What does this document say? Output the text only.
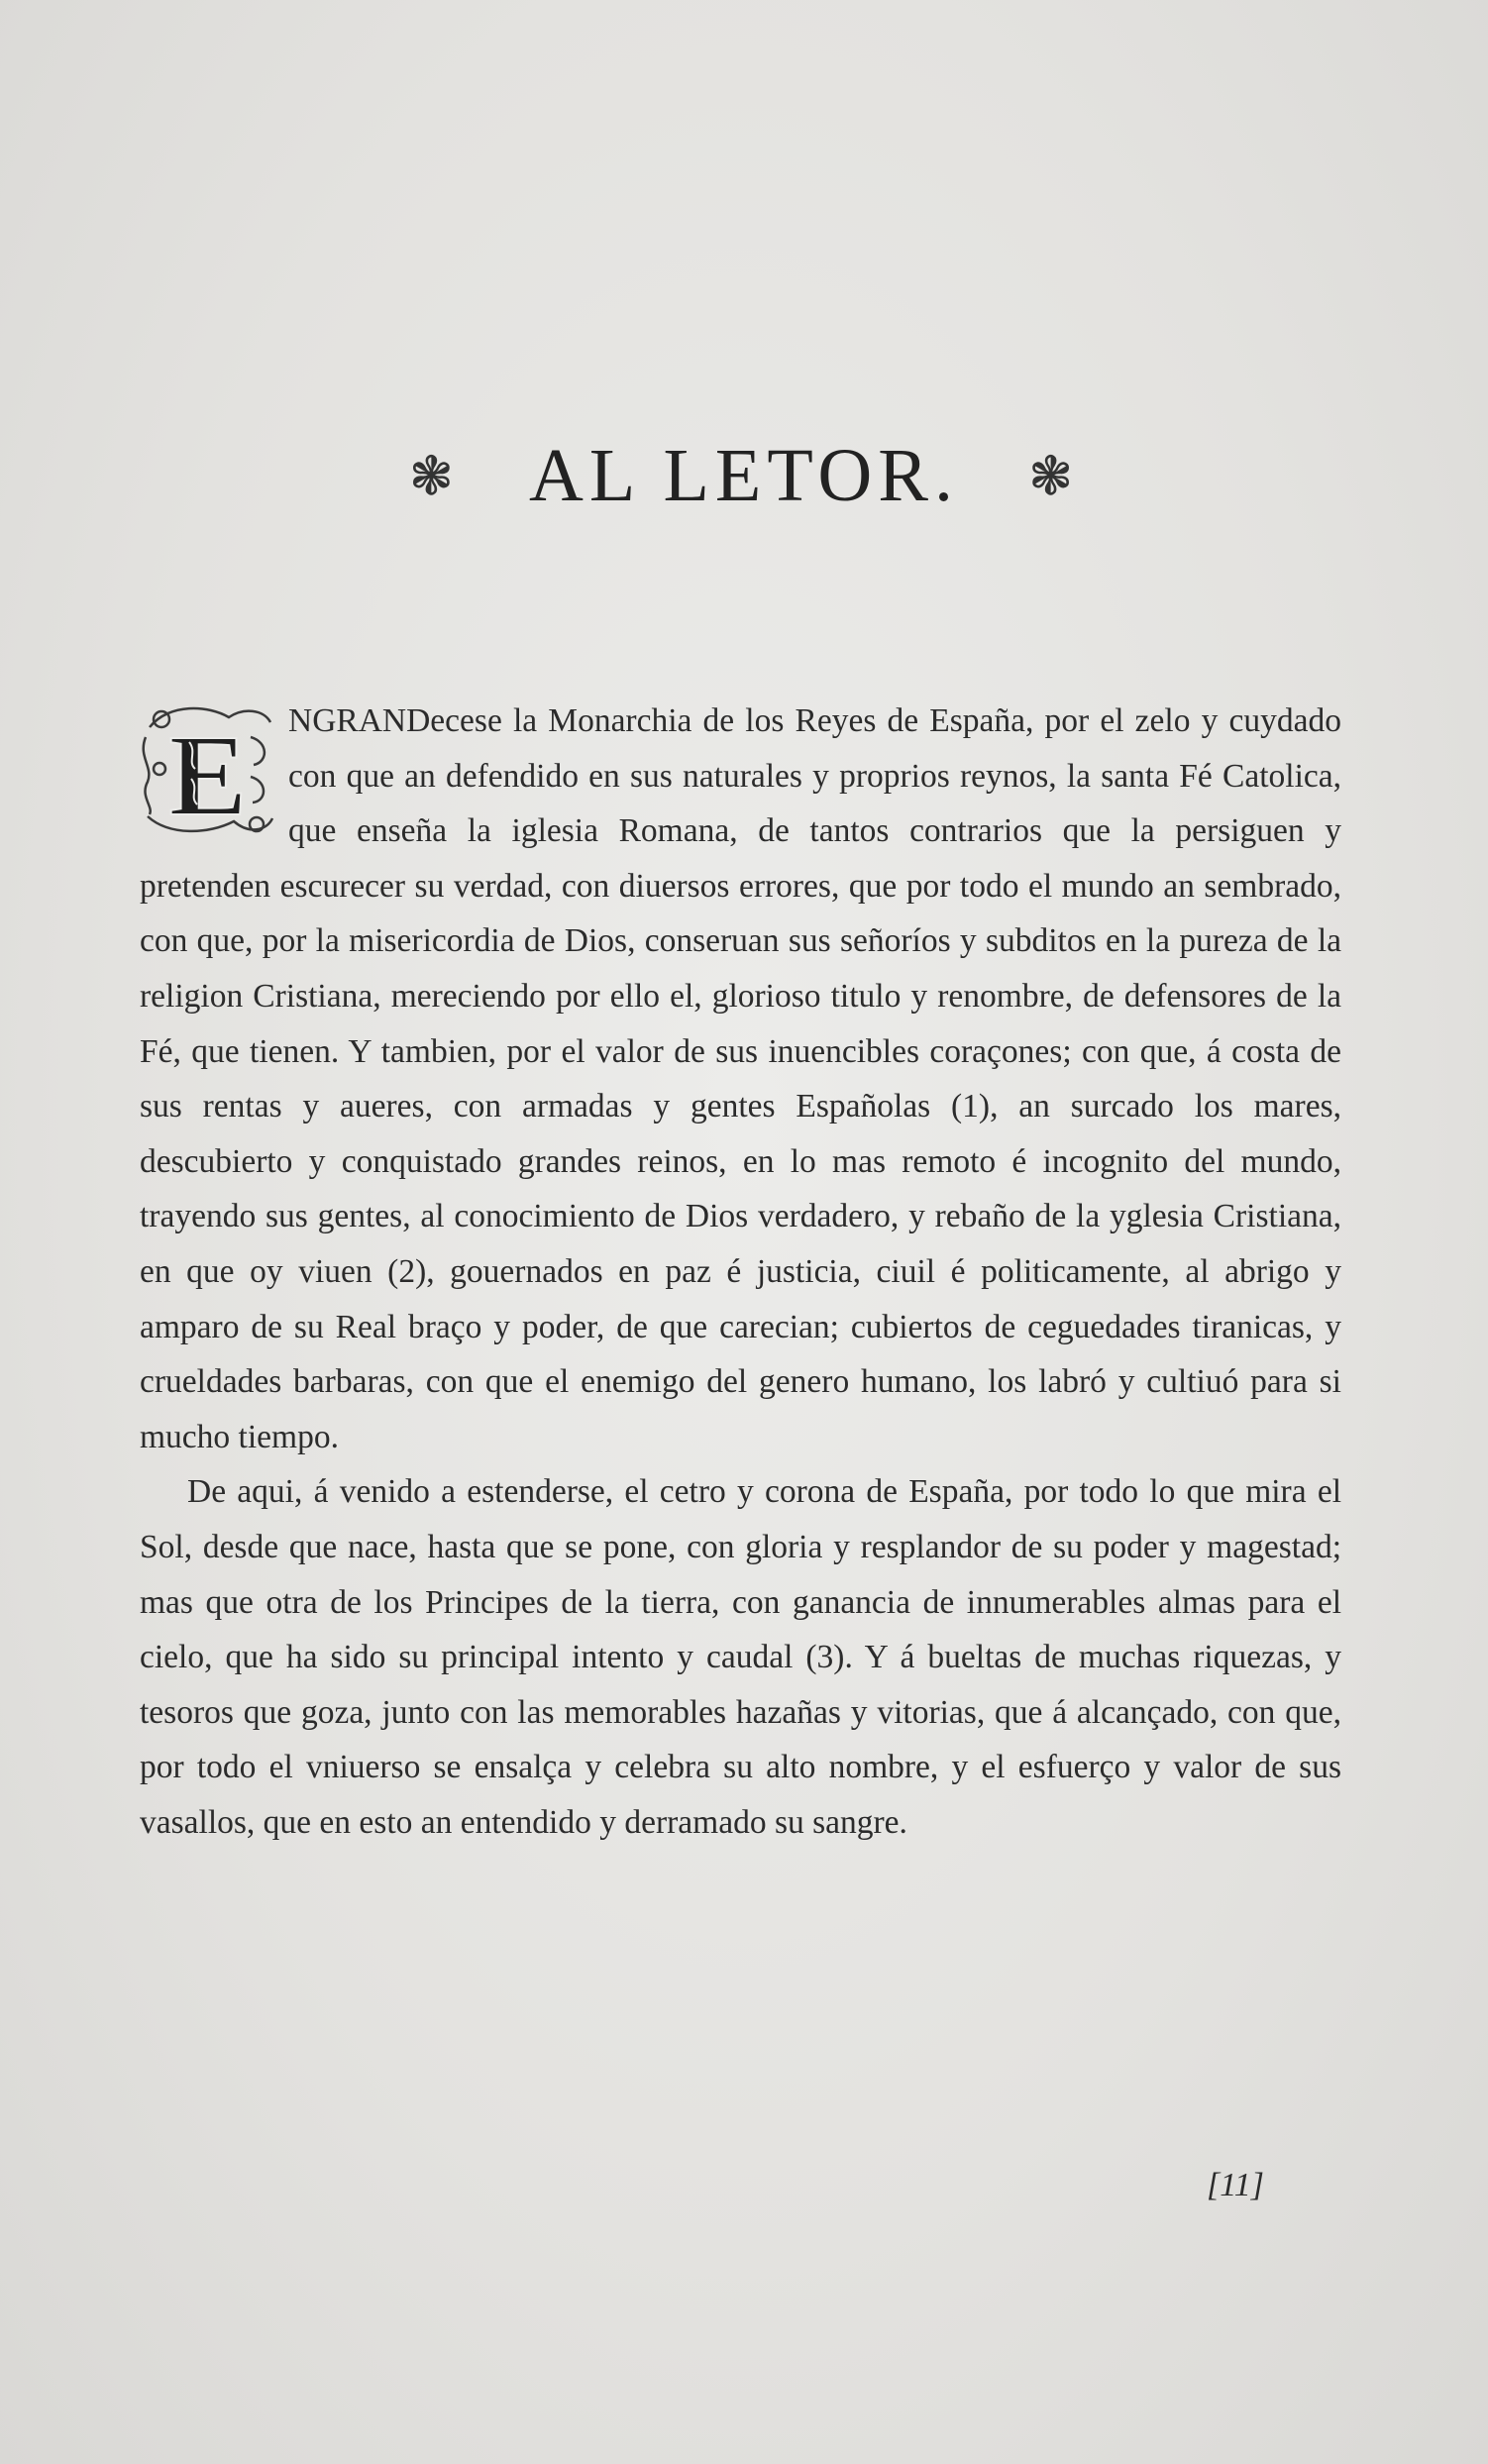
❃ AL LETOR. ❃
E	NGRANDecese la Monarchia de los Reyes de España, por el zelo y cuydado con que an defendido en sus naturales y proprios reynos, la santa Fé Catolica, que enseña la iglesia Romana, de tantos contrarios que la persiguen y pretenden escurecer su verdad, con diuersos errores, que por todo el mundo an sembrado, con que, por la misericordia de Dios, conseruan sus señoríos y subditos en la pureza de la religion Cristiana, mereciendo por ello el, glorioso titulo y renombre, de defensores de la Fé, que tienen. Y tambien, por el valor de sus inuencibles coraçones; con que, á costa de sus rentas y aueres, con armadas y gentes Españolas (1), an surcado los mares, descubierto y conquistado grandes reinos, en lo mas remoto é incognito del mundo, trayendo sus gentes, al conocimiento de Dios verdadero, y rebaño de la yglesia Cristiana, en que oy viuen (2), gouernados en paz é justicia, ciuil é politicamente, al abrigo y amparo de su Real braço y poder, de que carecian; cubiertos de ceguedades tiranicas, y crueldades barbaras, con que el enemigo del genero humano, los labró y cultiuó para si mucho tiempo.

De aqui, á venido a estenderse, el cetro y corona de España, por todo lo que mira el Sol, desde que nace, hasta que se pone, con gloria y resplandor de su poder y magestad; mas que otra de los Principes de la tierra, con ganancia de innumerables almas para el cielo, que ha sido su principal intento y caudal (3). Y á bueltas de muchas riquezas, y tesoros que goza, junto con las memorables hazañas y vitorias, que á alcançado, con que, por todo el vniuerso se ensalça y celebra su alto nombre, y el esfuerço y valor de sus vasallos, que en esto an entendido y derramado su sangre.

[11]
